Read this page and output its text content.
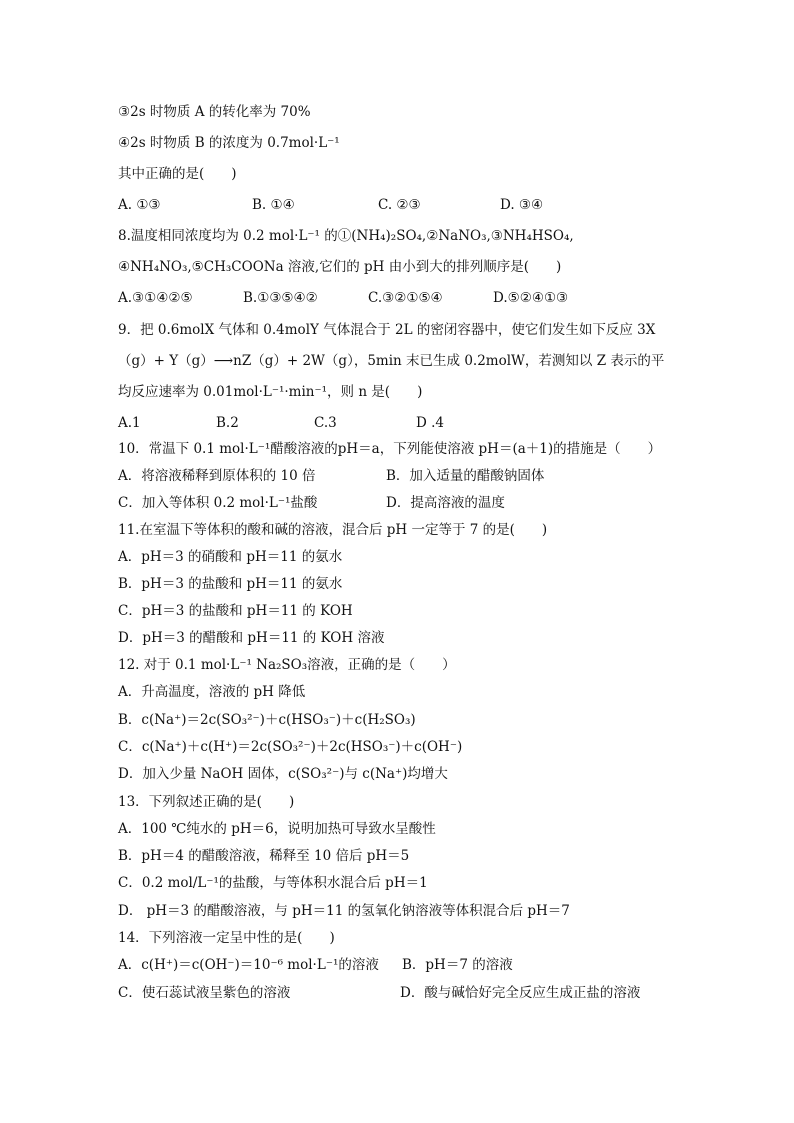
③2s 时物质 A 的转化率为 70%
④2s 时物质 B 的浓度为 0.7mol·L⁻¹
其中正确的是(　　)
A. ①③	B. ①④	C. ②③	D. ③④
8.温度相同浓度均为 0.2 mol·L⁻¹ 的①(NH₄)₂SO₄,②NaNO₃,③NH₄HSO₄,
④NH₄NO₃,⑤CH₃COONa 溶液,它们的 pH 由小到大的排列顺序是(　　)
A.③①④②⑤	B.①③⑤④②	C.③②①⑤④	D.⑤②④①③
9．把 0.6molX 气体和 0.4molY 气体混合于 2L 的密闭容器中，使它们发生如下反应 3X
（g）+ Y（g）⟶nZ（g）+ 2W（g），5min 末已生成 0.2molW，若测知以 Z 表示的平
均反应速率为 0.01mol·L⁻¹·min⁻¹，则 n 是(　　)
A.1	B.2	C.3	D .4
10．常温下 0.1 mol·L⁻¹醋酸溶液的pH＝a，下列能使溶液 pH＝(a＋1)的措施是（　　）
A．将溶液稀释到原体积的 10 倍	B．加入适量的醋酸钠固体
C．加入等体积 0.2 mol·L⁻¹盐酸	D．提高溶液的温度
11.在室温下等体积的酸和碱的溶液，混合后 pH 一定等于 7 的是(　　)
A．pH＝3 的硝酸和 pH＝11 的氨水
B．pH＝3 的盐酸和 pH＝11 的氨水
C．pH＝3 的盐酸和 pH＝11 的 KOH
D．pH＝3 的醋酸和 pH＝11 的 KOH 溶液
12. 对于 0.1 mol·L⁻¹ Na₂SO₃溶液，正确的是（　　）
A．升高温度，溶液的 pH 降低
B．c(Na⁺)＝2c(SO₃²⁻)＋c(HSO₃⁻)＋c(H₂SO₃)
C．c(Na⁺)＋c(H⁺)＝2c(SO₃²⁻)＋2c(HSO₃⁻)＋c(OH⁻)
D．加入少量 NaOH 固体，c(SO₃²⁻)与 c(Na⁺)均增大
13．下列叙述正确的是(　　)
A．100 ℃纯水的 pH＝6，说明加热可导致水呈酸性
B．pH＝4 的醋酸溶液，稀释至 10 倍后 pH＝5
C．0.2 mol/L⁻¹的盐酸，与等体积水混合后 pH＝1
D． pH＝3 的醋酸溶液，与 pH＝11 的氢氧化钠溶液等体积混合后 pH＝7
14．下列溶液一定呈中性的是(　　)
A．c(H⁺)＝c(OH⁻)＝10⁻⁶ mol·L⁻¹的溶液 B．pH＝7 的溶液
C．使石蕊试液呈紫色的溶液	D．酸与碱恰好完全反应生成正盐的溶液
